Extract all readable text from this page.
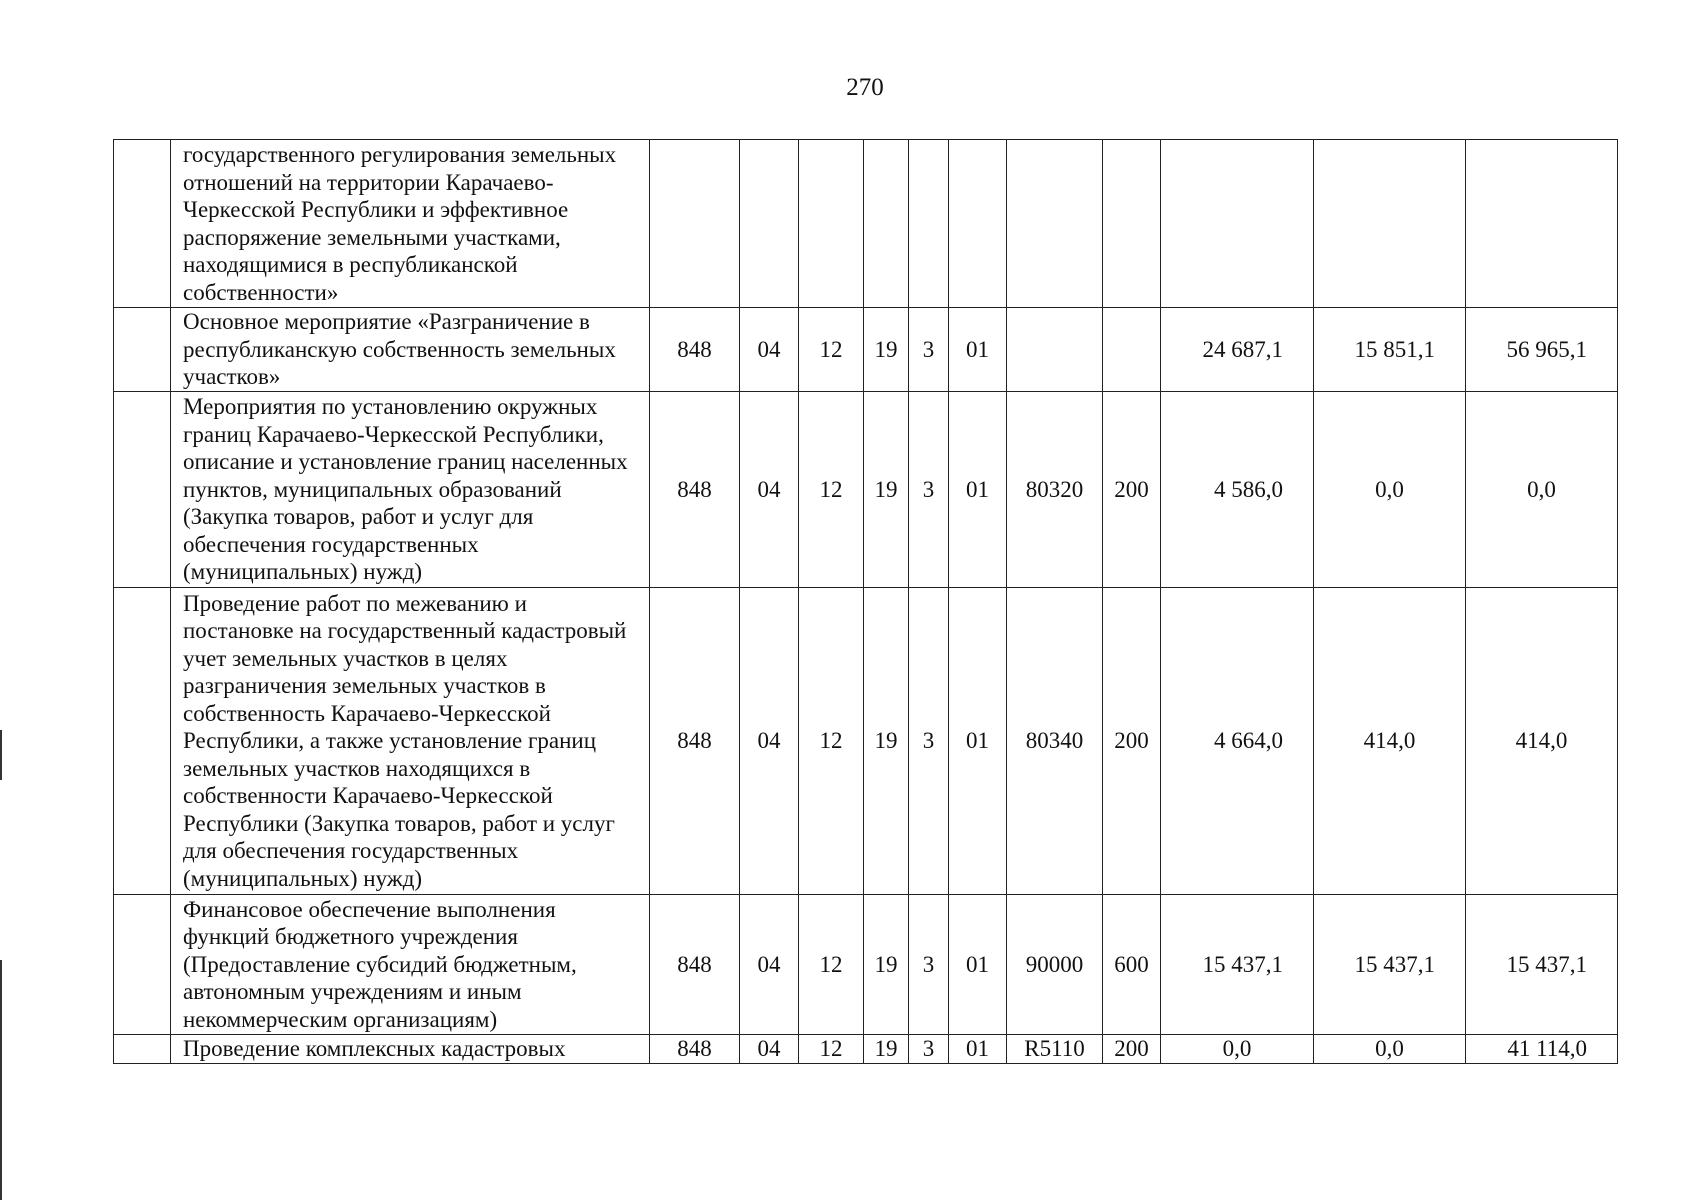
270
	государственного регулирования земельных отношений на территории Карачаево-Черкесской Республики и эффективное распоряжение земельными участками, находящимися в республиканской собственности»											
	Основное мероприятие «Разграничение в республиканскую собственность земельных участков»	848	04	12	19	3	01			24 687,1	15 851,1	56 965,1
	Мероприятия по установлению окружных границ Карачаево-Черкесской Республики, описание и установление границ населенных пунктов, муниципальных образований (Закупка товаров, работ и услуг для обеспечения государственных (муниципальных) нужд)	848	04	12	19	3	01	80320	200	4 586,0	0,0	0,0
	Проведение работ по межеванию и постановке на государственный кадастровый учет земельных участков в целях разграничения земельных участков в собственность Карачаево-Черкесской Республики, а также установление границ земельных участков находящихся в собственности Карачаево-Черкесской Республики (Закупка товаров, работ и услуг для обеспечения государственных (муниципальных) нужд)	848	04	12	19	3	01	80340	200	4 664,0	414,0	414,0
	Финансовое обеспечение выполнения функций бюджетного учреждения (Предоставление субсидий бюджетным, автономным учреждениям и иным некоммерческим организациям)	848	04	12	19	3	01	90000	600	15 437,1	15 437,1	15 437,1
	Проведение комплексных кадастровых	848	04	12	19	3	01	R5110	200	0,0	0,0	41 114,0
